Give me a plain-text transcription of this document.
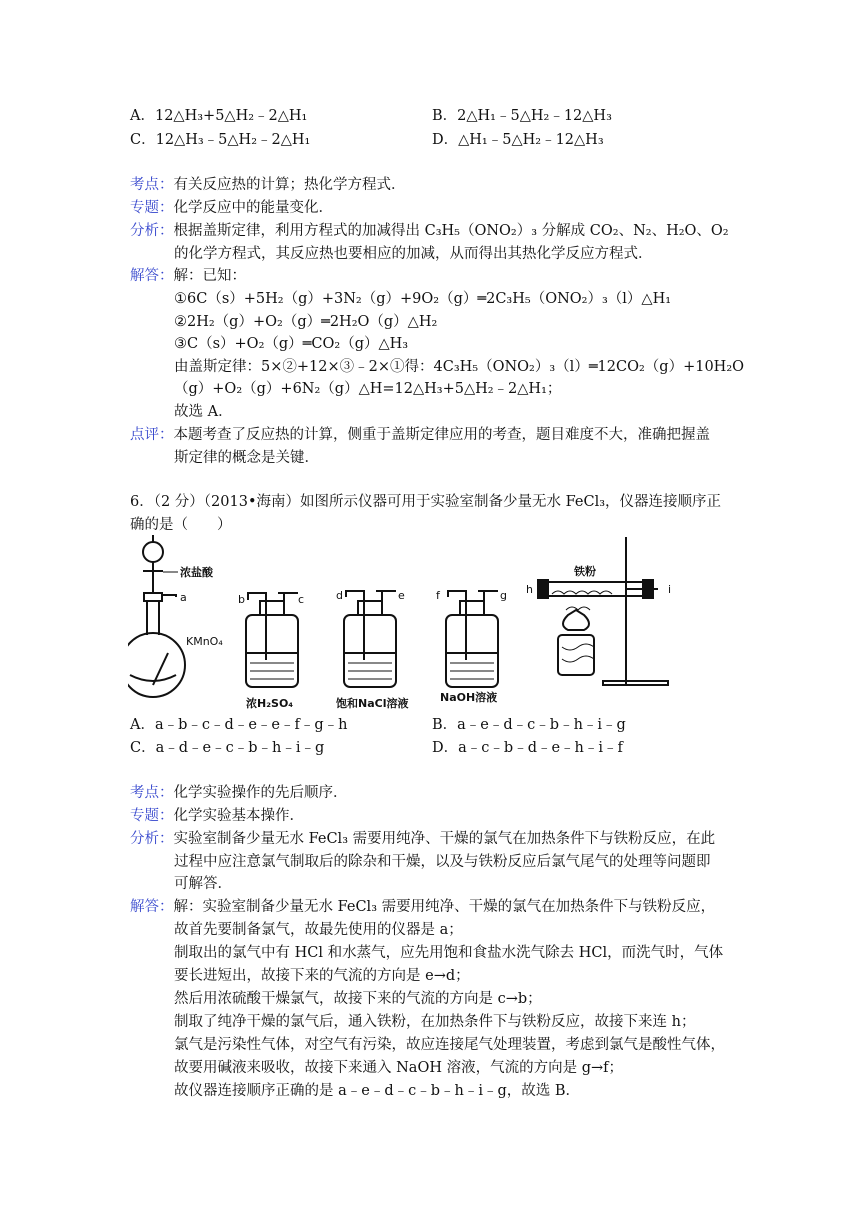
A．12△H₃+5△H₂﹣2△H₁	B．2△H₁﹣5△H₂﹣12△H₃
C．12△H₃﹣5△H₂﹣2△H₁	D．△H₁﹣5△H₂﹣12△H₃
考点：有关反应热的计算；热化学方程式．
专题：化学反应中的能量变化．
分析：根据盖斯定律，利用方程式的加减得出 C₃H₅（ONO₂）₃ 分解成 CO₂、N₂、H₂O、O₂
的化学方程式，其反应热也要相应的加减，从而得出其热化学反应方程式．
解答：解：已知：
①6C（s）+5H₂（g）+3N₂（g）+9O₂（g）═2C₃H₅（ONO₂）₃（l）△H₁
②2H₂（g）+O₂（g）═2H₂O（g）△H₂
③C（s）+O₂（g）═CO₂（g）△H₃
由盖斯定律：5×②+12×③﹣2×①得：4C₃H₅（ONO₂）₃（l）═12CO₂（g）+10H₂O
（g）+O₂（g）+6N₂（g）△H=12△H₃+5△H₂﹣2△H₁；
故选 A．
点评：本题考查了反应热的计算，侧重于盖斯定律应用的考查，题目难度不大，准确把握盖
斯定律的概念是关键．
6．（2 分）（2013•海南）如图所示仪器可用于实验室制备少量无水 FeCl₃，仪器连接顺序正
确的是（　　）
浓盐酸
a
KMnO₄
b	c	d	e	f	g h	i
浓H₂SO₄	饱和NaCl溶液	NaOH溶液
铁粉
A．a﹣b﹣c﹣d﹣e﹣e﹣f﹣g﹣h	B．a﹣e﹣d﹣c﹣b﹣h﹣i﹣g
C．a﹣d﹣e﹣c﹣b﹣h﹣i﹣g	D．a﹣c﹣b﹣d﹣e﹣h﹣i﹣f
考点：化学实验操作的先后顺序．
专题：化学实验基本操作．
分析：实验室制备少量无水 FeCl₃ 需要用纯净、干燥的氯气在加热条件下与铁粉反应，在此
过程中应注意氯气制取后的除杂和干燥，以及与铁粉反应后氯气尾气的处理等问题即
可解答．
解答：解：实验室制备少量无水 FeCl₃ 需要用纯净、干燥的氯气在加热条件下与铁粉反应，
故首先要制备氯气，故最先使用的仪器是 a；
制取出的氯气中有 HCl 和水蒸气，应先用饱和食盐水洗气除去 HCl，而洗气时，气体
要长进短出，故接下来的气流的方向是 e→d；
然后用浓硫酸干燥氯气，故接下来的气流的方向是 c→b；
制取了纯净干燥的氯气后，通入铁粉，在加热条件下与铁粉反应，故接下来连 h；
氯气是污染性气体，对空气有污染，故应连接尾气处理装置，考虑到氯气是酸性气体，
故要用碱液来吸收，故接下来通入 NaOH 溶液，气流的方向是 g→f；
故仪器连接顺序正确的是 a﹣e﹣d﹣c﹣b﹣h﹣i﹣g，故选 B．
